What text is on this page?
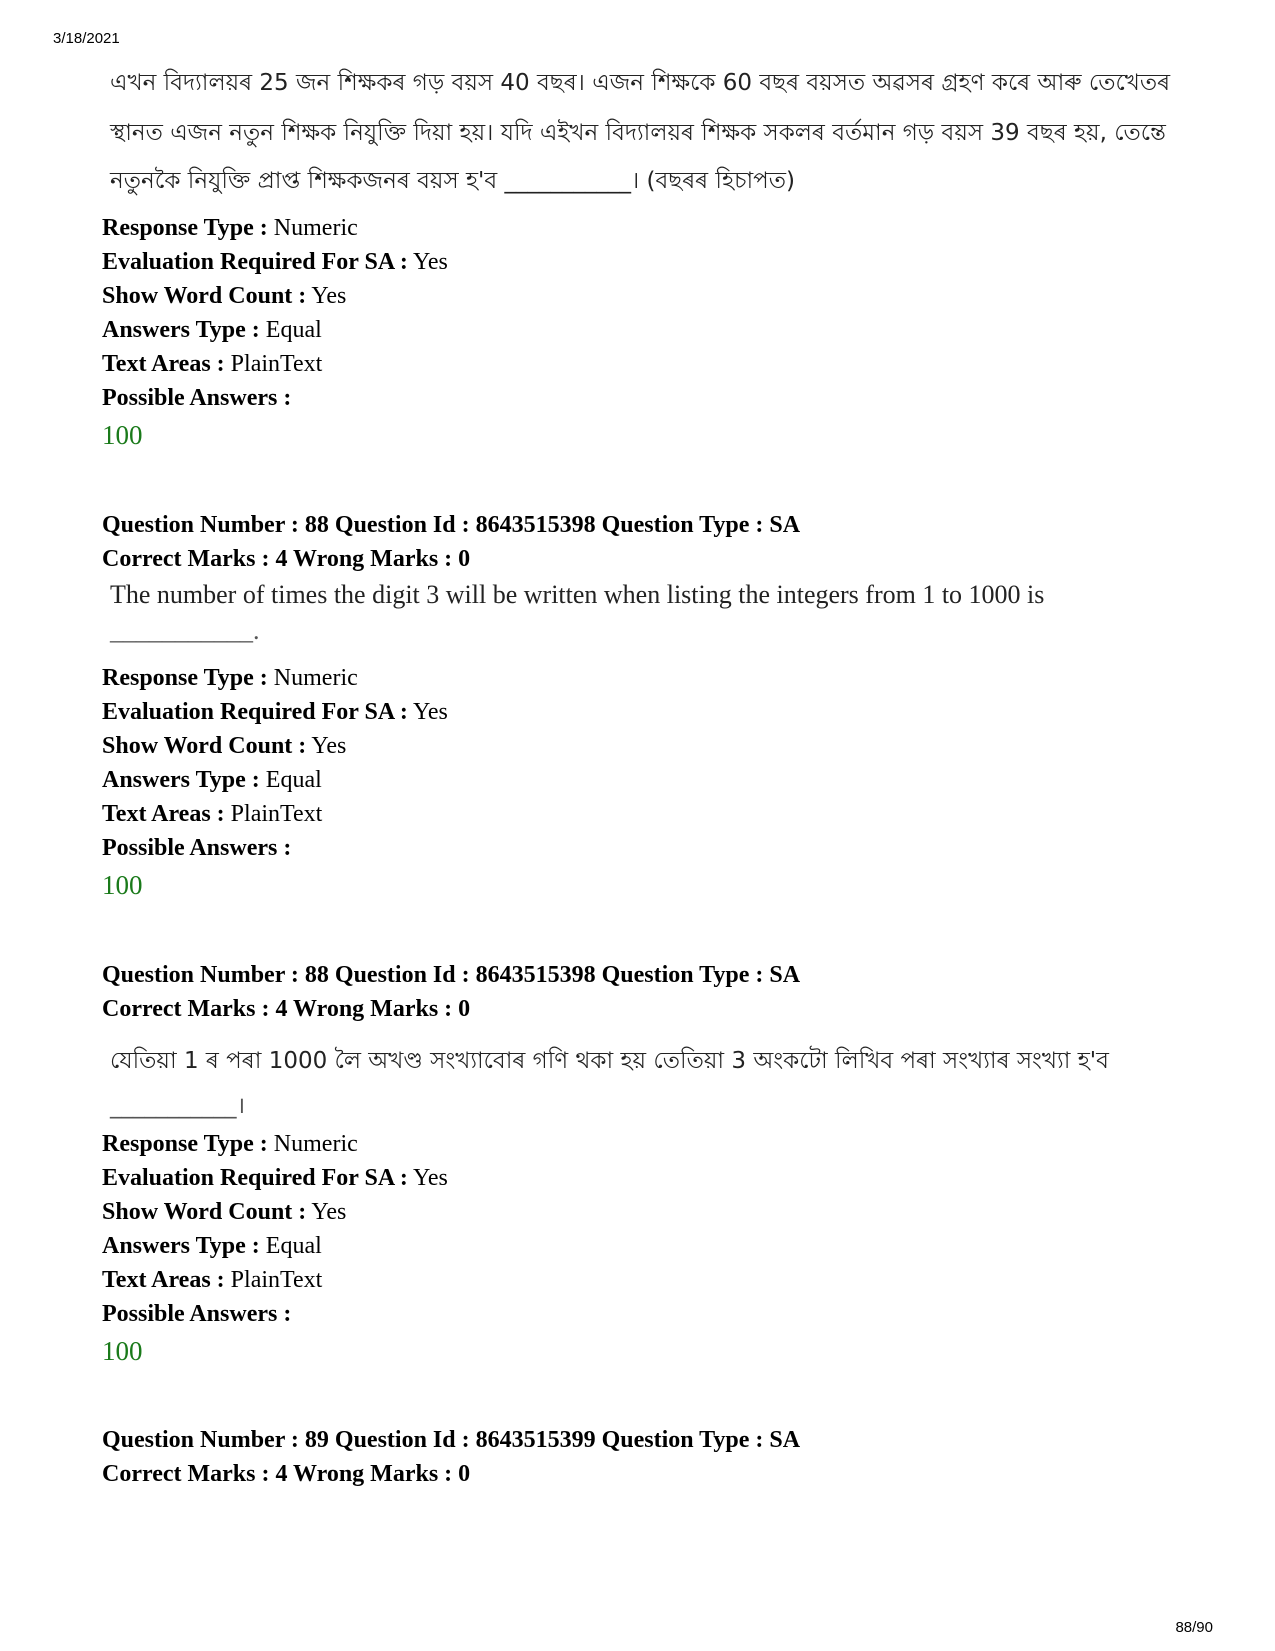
3/18/2021
এখন বিদ্যালয়ৰ 25 জন শিক্ষকৰ গড় বয়স 40 বছৰ। এজন শিক্ষকে 60 বছৰ বয়সত অৱসৰ গ্ৰহণ কৰে আৰু তেখেতৰ
স্থানত এজন নতুন শিক্ষক নিযুক্তি দিয়া হয়। যদি এইখন বিদ্যালয়ৰ শিক্ষক সকলৰ বৰ্তমান গড় বয়স 39 বছৰ হয়, তেন্তে
নতুনকৈ নিযুক্তি প্ৰাপ্ত শিক্ষকজনৰ বয়স হ'ব ___________। (বছৰৰ হিচাপত)
Response Type : Numeric
Evaluation Required For SA : Yes
Show Word Count : Yes
Answers Type : Equal
Text Areas : PlainText
Possible Answers :
100
Question Number : 88 Question Id : 8643515398 Question Type : SA
Correct Marks : 4 Wrong Marks : 0
The number of times the digit 3 will be written when listing the integers from 1 to 1000 is
___________.
Response Type : Numeric
Evaluation Required For SA : Yes
Show Word Count : Yes
Answers Type : Equal
Text Areas : PlainText
Possible Answers :
100
Question Number : 88 Question Id : 8643515398 Question Type : SA
Correct Marks : 4 Wrong Marks : 0
যেতিয়া 1 ৰ পৰা 1000 লৈ অখণ্ড সংখ্যাবোৰ গণি থকা হয় তেতিয়া 3 অংকটো লিখিব পৰা সংখ্যাৰ সংখ্যা হ'ব
___________।
Response Type : Numeric
Evaluation Required For SA : Yes
Show Word Count : Yes
Answers Type : Equal
Text Areas : PlainText
Possible Answers :
100
Question Number : 89 Question Id : 8643515399 Question Type : SA
Correct Marks : 4 Wrong Marks : 0
88/90
